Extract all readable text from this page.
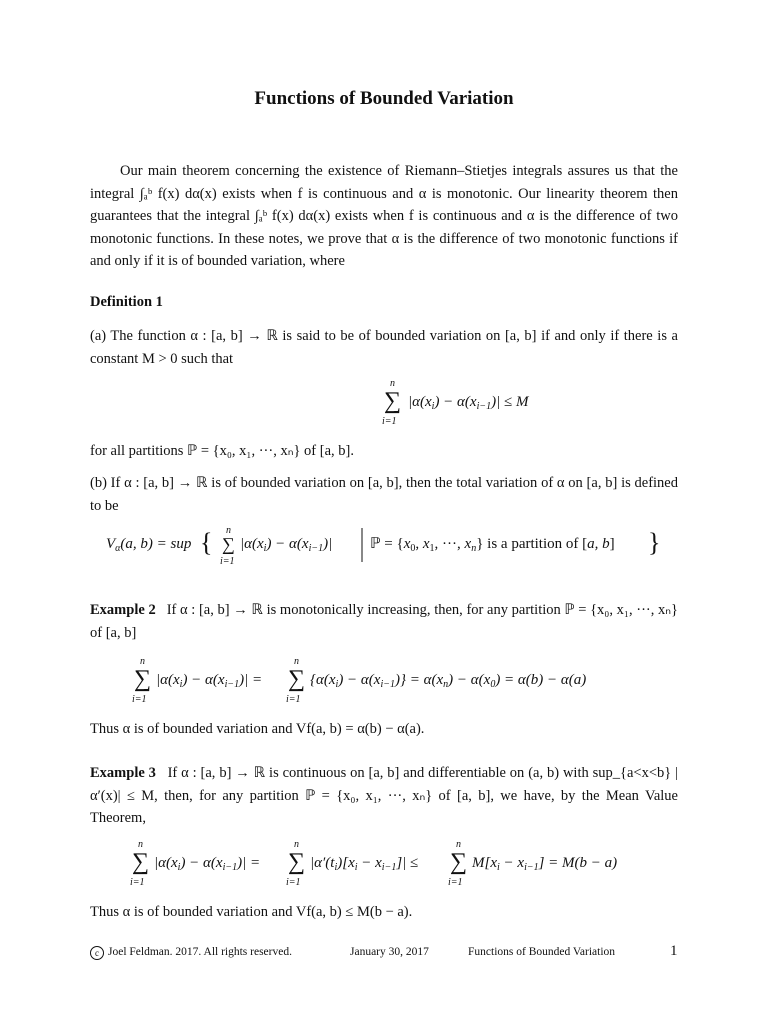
Functions of Bounded Variation
Our main theorem concerning the existence of Riemann–Stietjes integrals assures us that the integral ∫ₐᵇ f(x) dα(x) exists when f is continuous and α is monotonic. Our linearity theorem then guarantees that the integral ∫ₐᵇ f(x) dα(x) exists when f is continuous and α is the difference of two monotonic functions. In these notes, we prove that α is the difference of two monotonic functions if and only if it is of bounded variation, where
Definition 1
(a) The function α : [a, b] → ℝ is said to be of bounded variation on [a, b] if and only if there is a constant M > 0 such that
n
∑
i=1
$|\alpha(x_i) - \alpha(x_{i-1})| \le M$
for all partitions ℙ = {x₀, x₁, ···, xₙ} of [a, b].
(b) If α : [a, b] → ℝ is of bounded variation on [a, b], then the total variation of α on [a, b] is defined to be
$V_\alpha(a$, b) = sup { n
∑
i=1
$|\alpha(x_i) - \alpha(x_{i-1})|$	ℙ = {$x_0$, $x_1$, ···, $x_n$} is a partition of [a, b] }
Example 2 If α : [a, b] → ℝ is monotonically increasing, then, for any partition ℙ = {x₀, x₁, ···, xₙ} of [a, b]
n
∑
i=1
$|\alpha(x_i) - \alpha(x_{i-1})|$ =
n
∑
i=1
$\{\alpha(x_i) - \alpha(x_{i-1})\} = \alpha(x_n) - \alpha(x_0) = \alpha(b) - \alpha(a)$
Thus α is of bounded variation and Vf(a, b) = α(b) − α(a).
Example 3 If α : [a, b] → ℝ is continuous on [a, b] and differentiable on (a, b) with sup_{a<x<b} |α′(x)| ≤ M, then, for any partition ℙ = {x₀, x₁, ···, xₙ} of [a, b], we have, by the Mean Value Theorem,
n
∑
i=1
$|\alpha(x_i) - \alpha(x_{i-1})|$ =
n
∑
i=1
$|\alpha'(t_i)[x_i - x_{i-1}]|$ ≤
n
∑
i=1
$M[x_i - x_{i-1}] = M(b - a)$
Thus α is of bounded variation and Vf(a, b) ≤ M(b − a).
c Joel Feldman. 2017. All rights reserved.	January 30, 2017	Functions of Bounded Variation	1
